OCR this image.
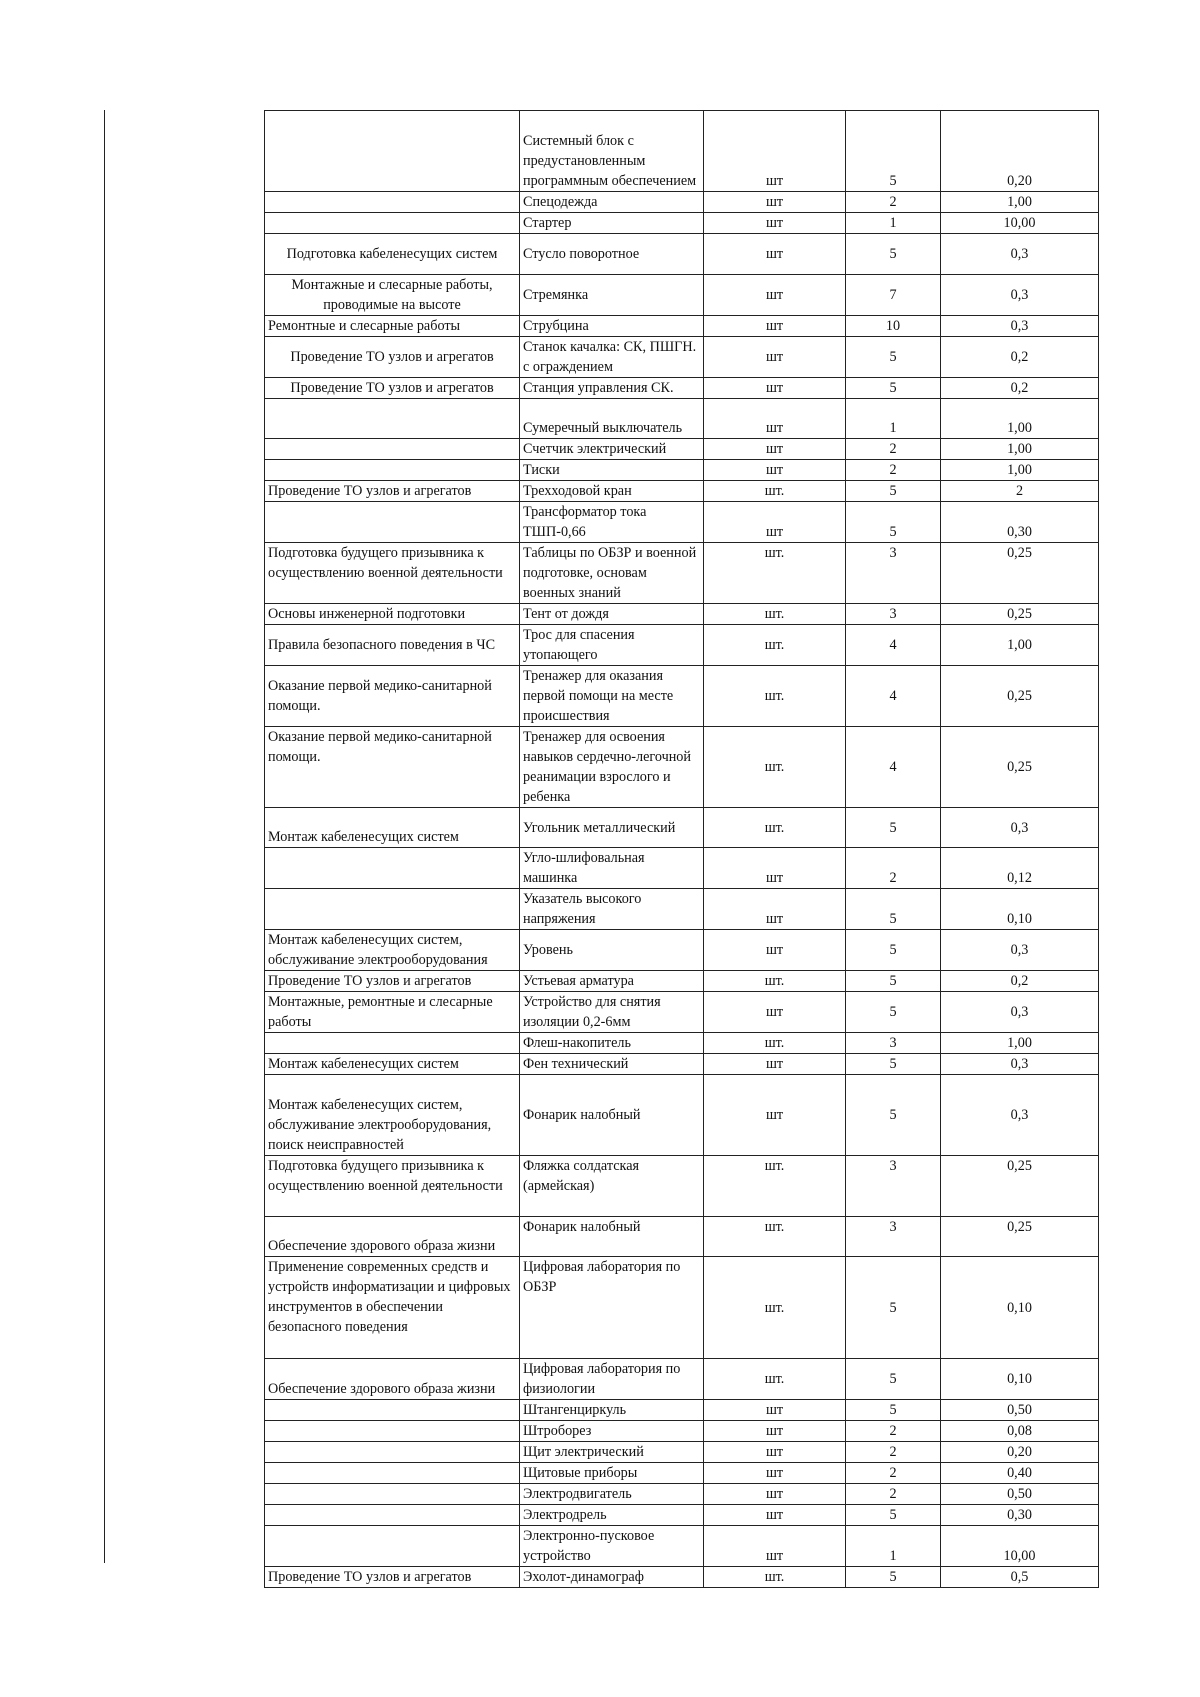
	Системный блок с предустановленным программным обеспечением	шт	5	0,20
	Спецодежда	шт	2	1,00
	Стартер	шт	1	10,00
Подготовка кабеленесущих систем	Стусло поворотное	шт	5	0,3
Монтажные и слесарные работы, проводимые на высоте	Стремянка	шт	7	0,3
Ремонтные и слесарные работы	Струбцина	шт	10	0,3
Проведение ТО узлов и агрегатов	Станок качалка: СК, ПШГН. с ограждением	шт	5	0,2
Проведение ТО узлов и агрегатов	Станция управления СК.	шт	5	0,2
	Сумеречный выключатель	шт	1	1,00
	Счетчик электрический	шт	2	1,00
	Тиски	шт	2	1,00
Проведение ТО узлов и агрегатов	Трехходовой кран	шт.	5	2
	Трансформатор тока ТШП-0,66	шт	5	0,30
Подготовка будущего призывника к осуществлению военной деятельности	Таблицы по ОБЗР и военной подготовке, основам военных знаний	шт.	3	0,25
Основы инженерной подготовки	Тент от дождя	шт.	3	0,25
Правила безопасного поведения в ЧС	Трос для спасения утопающего	шт.	4	1,00
Оказание первой медико-санитарной помощи.	Тренажер для оказания первой помощи на месте происшествия	шт.	4	0,25
Оказание первой медико-санитарной помощи.	Тренажер для освоения навыков сердечно-легочной реанимации взрослого и ребенка	шт.	4	0,25
Монтаж кабеленесущих систем	Угольник металлический	шт.	5	0,3
	Угло-шлифовальная машинка	шт	2	0,12
	Указатель высокого напряжения	шт	5	0,10
Монтаж кабеленесущих систем, обслуживание электрооборудования	Уровень	шт	5	0,3
Проведение ТО узлов и агрегатов	Устьевая арматура	шт.	5	0,2
Монтажные, ремонтные и слесарные работы	Устройство для снятия изоляции 0,2-6мм	шт	5	0,3
	Флеш-накопитель	шт.	3	1,00
Монтаж кабеленесущих систем	Фен технический	шт	5	0,3
Монтаж кабеленесущих систем, обслуживание электрооборудования, поиск неисправностей	Фонарик налобный	шт	5	0,3
Подготовка будущего призывника к осуществлению военной деятельности	Фляжка солдатская (армейская)	шт.	3	0,25
Обеспечение здорового образа жизни	Фонарик налобный	шт.	3	0,25
Применение современных средств и устройств информатизации и цифровых инструментов в обеспечении безопасного поведения	Цифровая лаборатория по ОБЗР	шт.	5	0,10
Обеспечение здорового образа жизни	Цифровая лаборатория по физиологии	шт.	5	0,10
	Штангенциркуль	шт	5	0,50
	Штроборез	шт	2	0,08
	Щит электрический	шт	2	0,20
	Щитовые приборы	шт	2	0,40
	Электродвигатель	шт	2	0,50
	Электродрель	шт	5	0,30
	Электронно-пусковое устройство	шт	1	10,00
Проведение ТО узлов и агрегатов	Эхолот-динамограф	шт.	5	0,5
